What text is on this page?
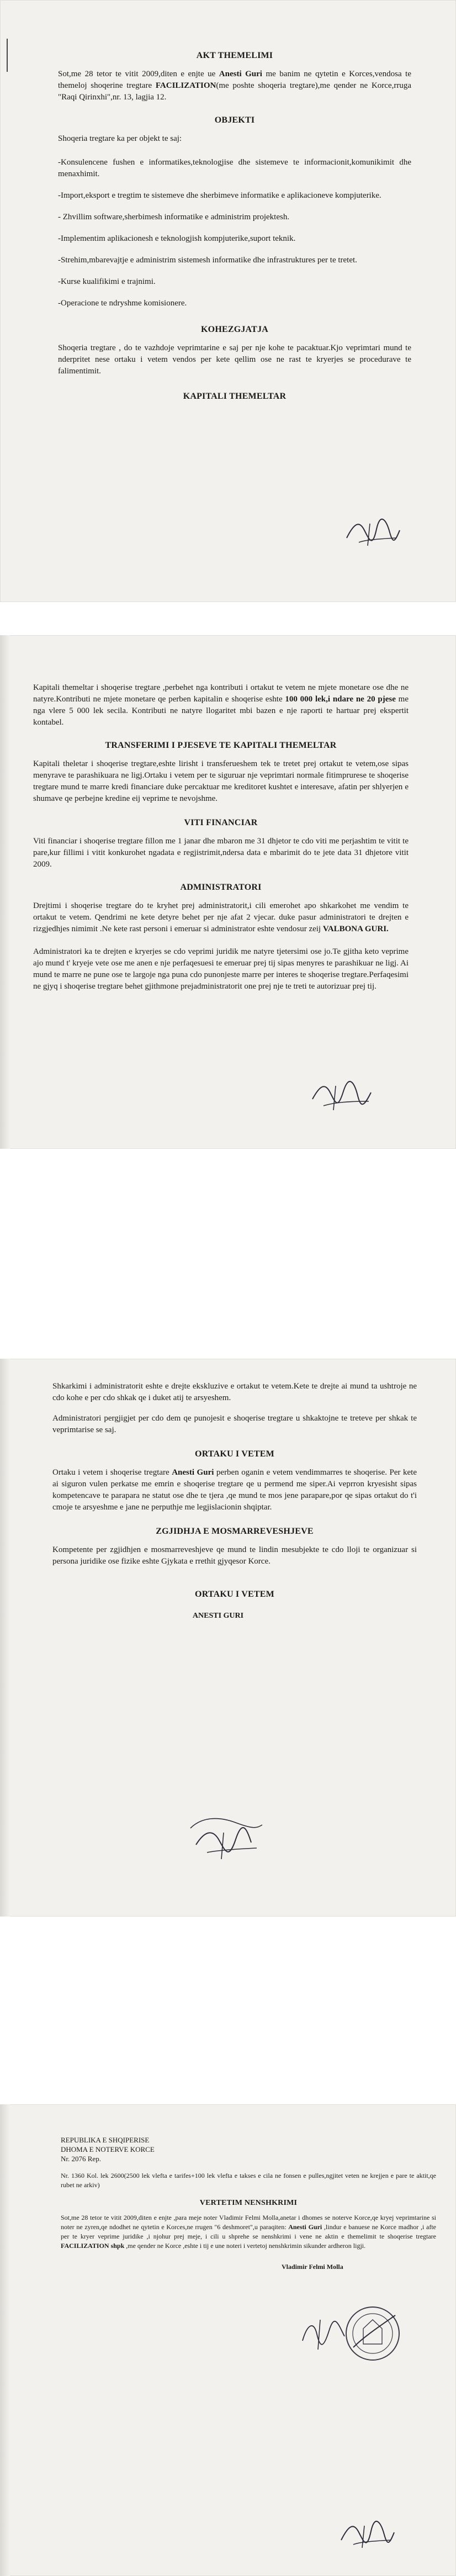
AKT THEMELIMI

Sot,me 28 tetor te vitit 2009,diten e enjte ue Anesti Guri me banim ne qytetin e Korces,vendosa te themeloj shoqerine tregtare FACILIZATION(me poshte shoqeria tregtare),me qender ne Korce,rruga "Raqi Qirinxhi",nr. 13, lagjia 12.

OBJEKTI

Shoqeria tregtare ka per objekt te saj:

-Konsulencene fushen e informatikes,teknologjise dhe sistemeve te informacionit,komunikimit dhe menaxhimit.

-Import,eksport e tregtim te sistemeve dhe sherbimeve informatike e aplikacioneve kompjuterike.

- Zhvillim software,sherbimesh informatike e administrim projektesh.

-Implementim aplikacionesh e teknologjish kompjuterike,suport teknik.

-Strehim,mbarevajtje e administrim sistemesh informatike dhe infrastruktures per te tretet.

-Kurse kualifikimi e trajnimi.

-Operacione te ndryshme komisionere.

KOHEZGJATJA

Shoqeria tregtare , do te vazhdoje veprimtarine e saj per nje kohe te pacaktuar.Kjo veprimtari mund te nderpritet nese ortaku i vetem vendos per kete qellim ose ne rast te kryerjes se procedurave te falimentimit.

KAPITALI THEMELTAR

Kapitali themeltar i shoqerise tregtare ,perbehet nga kontributi i ortakut te vetem ne mjete monetare ose dhe ne natyre.Kontributi ne mjete monetare qe perben kapitalin e shoqerise eshte 100 000 lek,i ndare ne 20 pjese me nga vlere 5 000 lek secila. Kontributi ne natyre llogaritet mbi bazen e nje raporti te hartuar prej ekspertit kontabel.

TRANSFERIMI I PJESEVE TE KAPITALI THEMELTAR

Kapitali theletar i shoqerise tregtare,eshte lirisht i transferueshem tek te tretet prej ortakut te vetem,ose sipas menyrave te parashikuara ne ligj.Ortaku i vetem per te siguruar nje veprimtari normale fitimprurese te shoqerise tregtare mund te marre kredi financiare duke percaktuar me kreditoret kushtet e interesave, afatin per shlyerjen e shumave qe perbejne kredine eij veprime te nevojshme.

VITI FINANCIAR

Viti financiar i shoqerise tregtare fillon me 1 janar dhe mbaron me 31 dhjetor te cdo viti me perjashtim te vitit te pare,kur fillimi i vitit konkurohet ngadata e regjistrimit,ndersa data e mbarimit do te jete data 31 dhjetore vitit 2009.

ADMINISTRATORI

Drejtimi i shoqerise tregtare do te kryhet prej administratorit,i cili emerohet apo shkarkohet me vendim te ortakut te vetem. Qendrimi ne kete detyre behet per nje afat 2 vjecar. duke pasur administratori te drejten e rizgjedhjes nimimit .Ne kete rast personi i emeruar si administrator eshte vendosur zeij VALBONA GURI.

Administratori ka te drejten e kryerjes se cdo veprimi juridik me natyre tjetersimi ose jo.Te gjitha keto veprime ajo mund t' kryeje vete ose me anen e nje perfaqesuesi te emeruar prej tij sipas menyres te parashikuar ne ligj. Ai mund te marre ne pune ose te largoje nga puna cdo punonjeste marre per interes te shoqerise tregtare.Perfaqesimi ne gjyq i shoqerise tregtare behet gjithmone prejadministratorit one prej nje te treti te autorizuar prej tij.

Shkarkimi i administratorit eshte e drejte ekskluzive e ortakut te vetem.Kete te drejte ai mund ta ushtroje ne cdo kohe e per cdo shkak qe i duket atij te arsyeshem.

Administratori pergjigjet per cdo dem qe punojesit e shoqerise tregtare u shkaktojne te treteve per shkak te veprimtarise se saj.

ORTAKU I VETEM

Ortaku i vetem i shoqerise tregtare Anesti Guri perben oganin e vetem vendimmarres te shoqerise. Per kete ai siguron vulen perkatse me emrin e shoqerise tregtare qe u permend me siper.Ai veprron kryesisht sipas kompetencave te parapara ne statut ose dhe te tjera ,qe mund te mos jene parapare,por qe sipas ortakut do t'i cmoje te arsyeshme e jane ne perputhje me legjislacionin shqiptar.

ZGJIDHJA E MOSMARREVESHJEVE

Kompetente per zgjidhjen e mosmarreveshjeve qe mund te lindin mesubjekte te cdo lloji te organizuar si persona juridike ose fizike eshte Gjykata e rrethit gjyqesor Korce.

ORTAKU I VETEM
ANESTI GURI

REPUBLIKA E SHQIPERISE

DHOMA E NOTERVE KORCE

Nr. 2076 Rep.

Nr. 1360 Kol. lek 2600(2500 lek vlefta e tarifes+100 lek vlefta e takses e cila ne fonsen e pulles,ngjitet veten ne krejjen e pare te aktit,qe rubet ne arkiv)

VERTETIM NENSHKRIMI

Sot,me 28 tetor te vitit 2009,diten e enjte ,para meje noter Vladimir Felmi Molla,anetar i dhomes se noterve Korce,qe kryej veprimtarine si noter ne zyren,qe ndodhet ne qytetin e Korces,ne rrugen "6 deshmoret",u paraqiten: Anesti Guri ,lindur e banuese ne Korce madhor ,i afte per te kryer veprime juridike ,i njohur prej meje, i cili u shprehe se nenshkrimi i vene ne aktin e themelimit te shoqerise tregtare FACILIZATION shpk ,me qender ne Korce ,eshte i tij e une noteri i vertetoj nenshkrimin sikunder ardheron ligji.

Vladimir Felmi Molla
